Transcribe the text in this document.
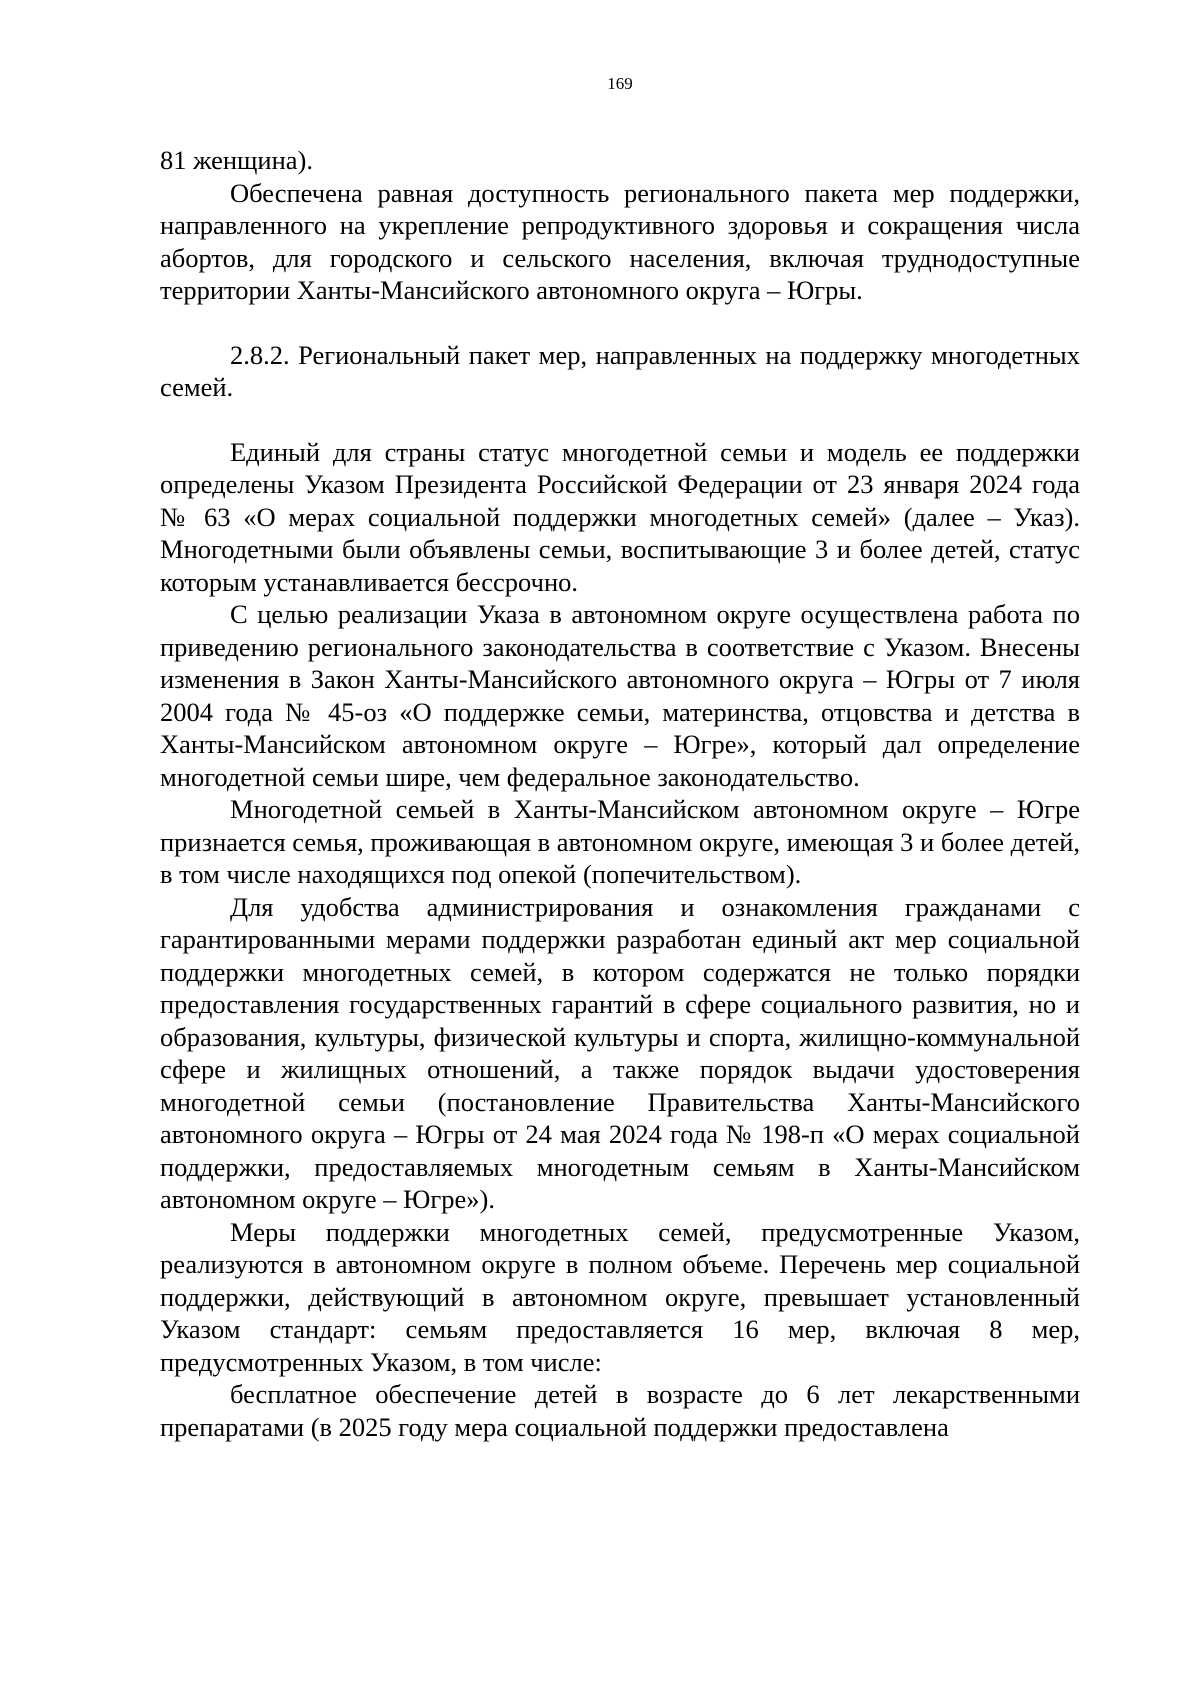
169

81 женщина).

Обеспечена равная доступность регионального пакета мер поддержки, направленного на укрепление репродуктивного здоровья и сокращения числа абортов, для городского и сельского населения, включая труднодоступные территории Ханты-Мансийского автономного округа – Югры.

2.8.2. Региональный пакет мер, направленных на поддержку многодетных семей.

Единый для страны статус многодетной семьи и модель ее поддержки определены Указом Президента Российской Федерации от 23 января 2024 года № 63 «О мерах социальной поддержки многодетных семей» (далее – Указ). Многодетными были объявлены семьи, воспитывающие 3 и более детей, статус которым устанавливается бессрочно.

С целью реализации Указа в автономном округе осуществлена работа по приведению регионального законодательства в соответствие с Указом. Внесены изменения в Закон Ханты-Мансийского автономного округа – Югры от 7 июля 2004 года № 45-оз «О поддержке семьи, материнства, отцовства и детства в Ханты-Мансийском автономном округе – Югре», который дал определение многодетной семьи шире, чем федеральное законодательство.

Многодетной семьей в Ханты-Мансийском автономном округе – Югре признается семья, проживающая в автономном округе, имеющая 3 и более детей, в том числе находящихся под опекой (попечительством).

Для удобства администрирования и ознакомления гражданами с гарантированными мерами поддержки разработан единый акт мер социальной поддержки многодетных семей, в котором содержатся не только порядки предоставления государственных гарантий в сфере социального развития, но и образования, культуры, физической культуры и спорта, жилищно-коммунальной сфере и жилищных отношений, а также порядок выдачи удостоверения многодетной семьи (постановление Правительства Ханты-Мансийского автономного округа – Югры от 24 мая 2024 года № 198-п «О мерах социальной поддержки, предоставляемых многодетным семьям в Ханты-Мансийском автономном округе – Югре»).

Меры поддержки многодетных семей, предусмотренные Указом, реализуются в автономном округе в полном объеме. Перечень мер социальной поддержки, действующий в автономном округе, превышает установленный Указом стандарт: семьям предоставляется 16 мер, включая 8 мер, предусмотренных Указом, в том числе:

бесплатное обеспечение детей в возрасте до 6 лет лекарственными препаратами (в 2025 году мера социальной поддержки предоставлена
